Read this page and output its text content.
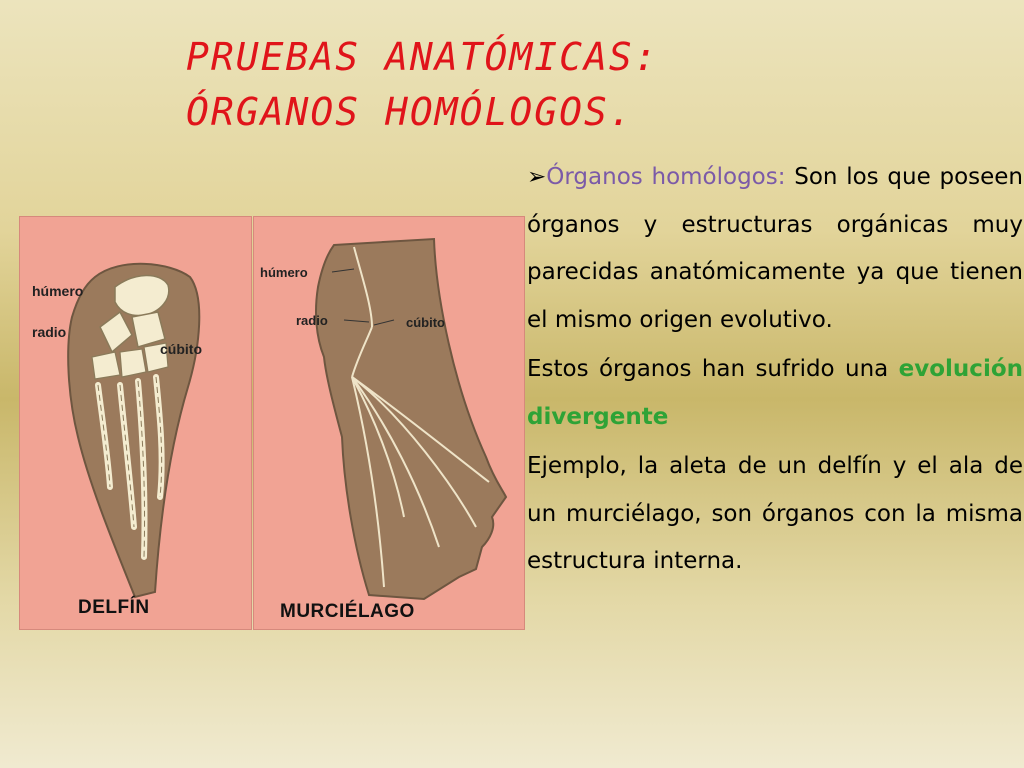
PRUEBAS ANATÓMICAS:
ÓRGANOS HOMÓLOGOS.
húmero
radio
cúbito
DELFÍN
húmero
radio	cúbito
MURCIÉLAGO

➢Órganos homólogos: Son los que poseen órganos y estructuras orgánicas muy parecidas anatómicamente ya que tienen el mismo origen evolutivo.

Estos órganos han sufrido una evolución divergente

Ejemplo, la aleta de un delfín y el ala de un murciélago, son órganos con la misma estructura interna.
